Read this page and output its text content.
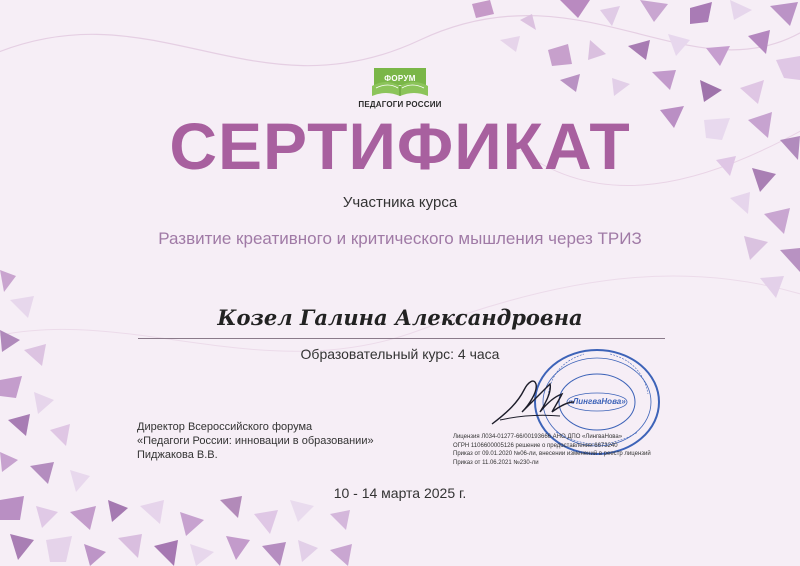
ФОРУМ
ПЕДАГОГИ РОССИИ
СЕРТИФИКАТ
Участника курса
Развитие креативного и критического мышления через ТРИЗ
Козел Галина Александровна
Образовательный курс: 4 часа
Директор Всероссийского форума
«Педагоги России: инновации в образовании»
Пиджакова В.В.
«ЛингваНова»
Лицензия Л034-01277-66/00193666 АНО ДПО «ЛингваНова»
ОГРН 1106600005126 решение о предоставлении 6673240
Приказ от 09.01.2020 №06-ли, внесении изменений в реестр лицензий
Приказ от 11.06.2021 №230-ли
10 - 14 марта 2025 г.
